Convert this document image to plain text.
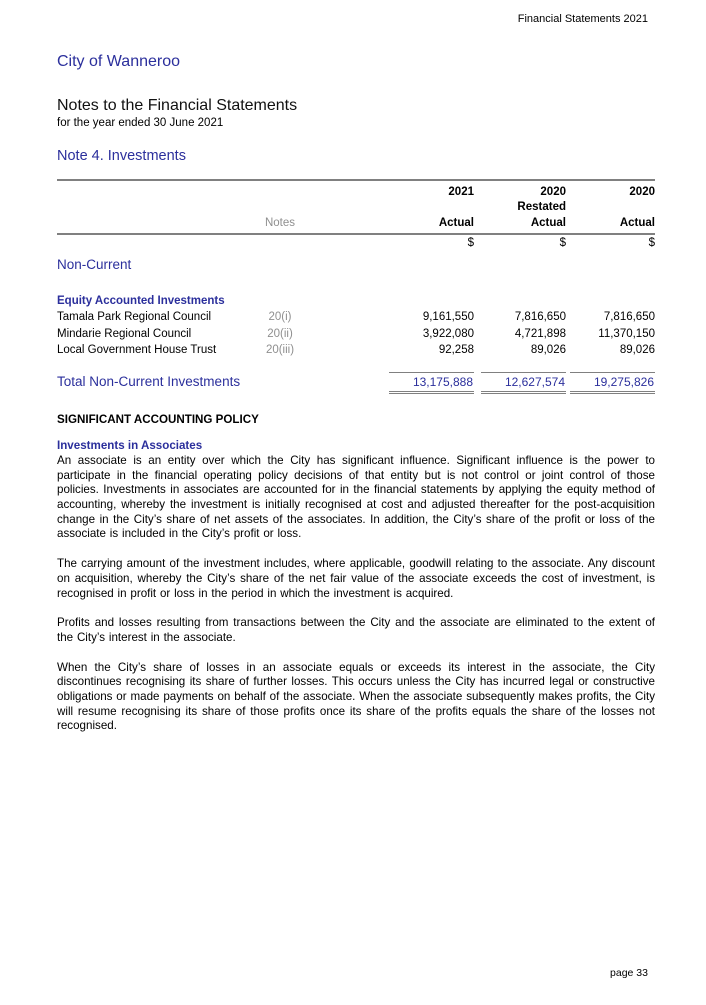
Financial Statements 2021
City of Wanneroo
Notes to the Financial Statements
for the year ended 30 June 2021
Note 4. Investments
2021	2020	2020
Restated
Notes	Actual	Actual	Actual
$	$	$
Non-Current
Equity Accounted Investments
Tamala Park Regional Council	20(i)	9,161,550	7,816,650	7,816,650
Mindarie Regional Council	20(ii)	3,922,080	4,721,898	11,370,150
Local Government House Trust	20(iii)	92,258	89,026	89,026
Total Non-Current Investments	13,175,888	12,627,574	19,275,826
SIGNIFICANT ACCOUNTING POLICY
Investments in Associates

An associate is an entity over which the City has significant influence. Significant influence is the power to participate in the financial operating policy decisions of that entity but is not control or joint control of those policies. Investments in associates are accounted for in the financial statements by applying the equity method of accounting, whereby the investment is initially recognised at cost and adjusted thereafter for the post-acquisition change in the City’s share of net assets of the associates. In addition, the City’s share of the profit or loss of the associate is included in the City’s profit or loss.

The carrying amount of the investment includes, where applicable, goodwill relating to the associate. Any discount on acquisition, whereby the City’s share of the net fair value of the associate exceeds the cost of investment, is recognised in profit or loss in the period in which the investment is acquired.

Profits and losses resulting from transactions between the City and the associate are eliminated to the extent of the City’s interest in the associate.

When the City’s share of losses in an associate equals or exceeds its interest in the associate, the City discontinues recognising its share of further losses. This occurs unless the City has incurred legal or constructive obligations or made payments on behalf of the associate. When the associate subsequently makes profits, the City will resume recognising its share of those profits once its share of the profits equals the share of the losses not recognised.

page 33
